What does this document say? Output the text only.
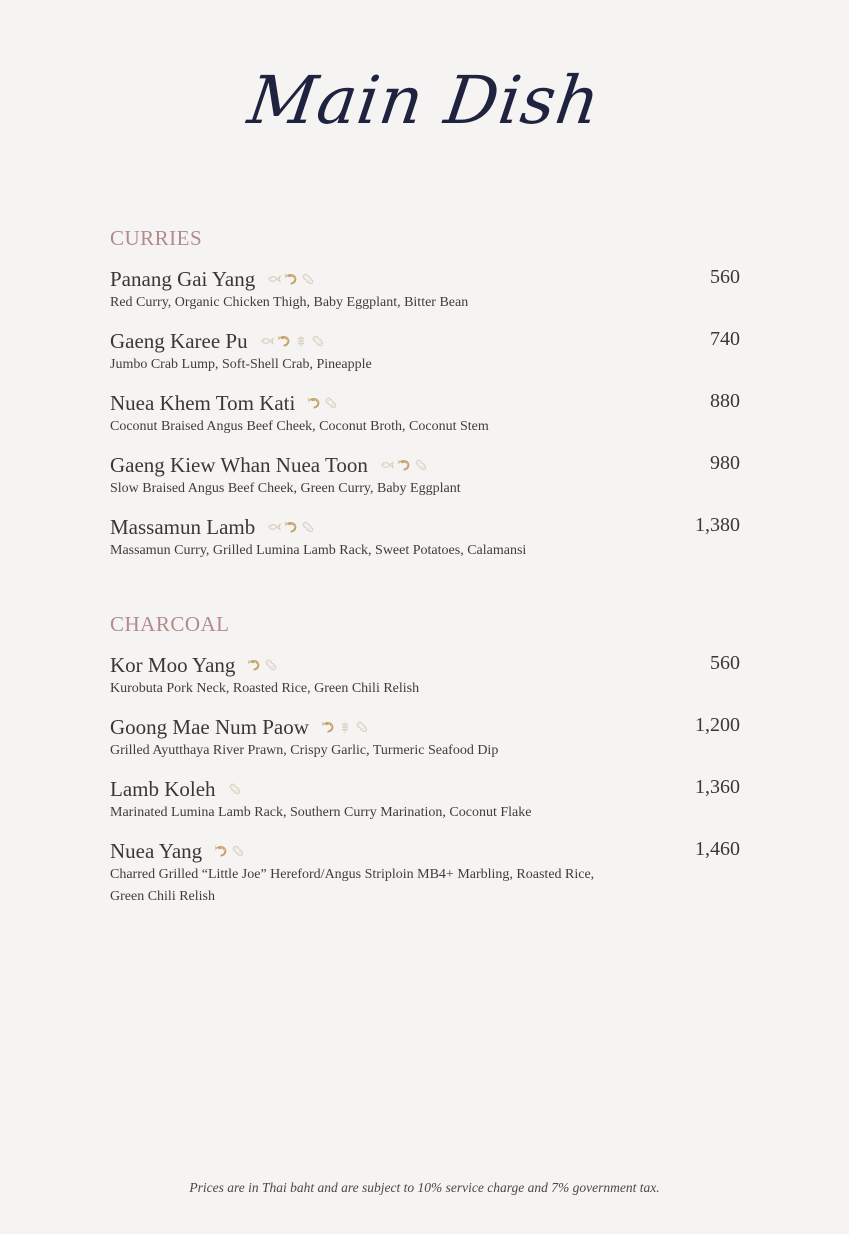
Main Dish
CURRIES
CHARCOAL
Panang Gai Yang
Red Curry, Organic Chicken Thigh, Baby Eggplant, Bitter Bean
560
Gaeng Karee Pu
Jumbo Crab Lump, Soft-Shell Crab, Pineapple
740
Nuea Khem Tom Kati
Coconut Braised Angus Beef Cheek, Coconut Broth, Coconut Stem
880
Gaeng Kiew Whan Nuea Toon
Slow Braised Angus Beef Cheek, Green Curry, Baby Eggplant
980
Massamun Lamb
Massamun Curry, Grilled Lumina Lamb Rack, Sweet Potatoes, Calamansi
1,380
Kor Moo Yang
Kurobuta Pork Neck, Roasted Rice, Green Chili Relish
560
Goong Mae Num Paow
Grilled Ayutthaya River Prawn, Crispy Garlic, Turmeric Seafood Dip
1,200
Lamb Koleh
Marinated Lumina Lamb Rack, Southern Curry Marination, Coconut Flake
1,360
Nuea Yang
Charred Grilled “Little Joe” Hereford/Angus Striploin MB4+ Marbling, Roasted Rice, Green Chili Relish
1,460
Prices are in Thai baht and are subject to 10% service charge and 7% government tax.
